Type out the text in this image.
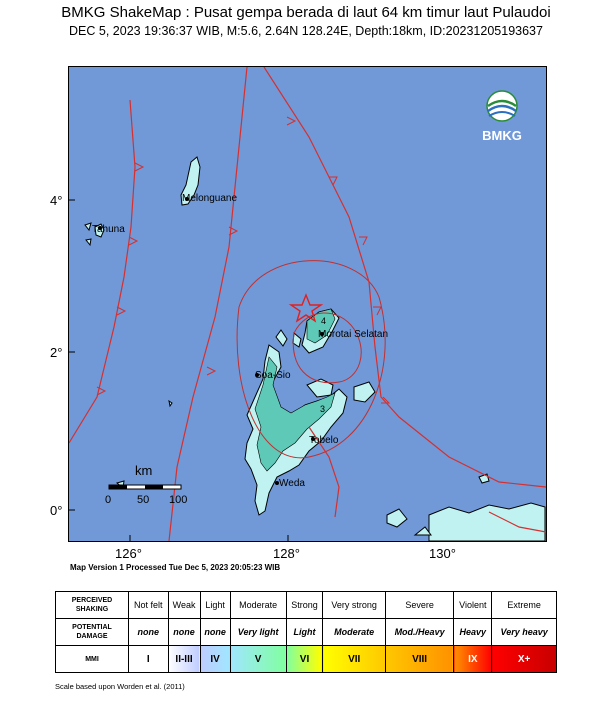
BMKG ShakeMap : Pusat gempa berada di laut 64 km timur laut Pulaudoi
DEC 5, 2023 19:36:37 WIB, M:5.6, 2.64N 128.24E, Depth:18km, ID:20231205193637
4°
2°
0°
126°	128°	130°
4
3
Melonguane
Tahuna
Morotai Selatan
Soa-Sio
Tobelo
Weda
km
0 50 100
BMKG
Map Version 1 Processed Tue Dec 5, 2023 20:05:23 WIB
PERCEIVED SHAKING	Not felt	Weak	Light	Moderate	Strong	Very strong	Severe	Violent	Extreme
POTENTIAL DAMAGE	none	none	none	Very light	Light	Moderate	Mod./Heavy	Heavy	Very heavy
MMI	I	II-III	IV	V	VI	VII	VIII	IX	X+
Scale based upon Worden et al. (2011)
